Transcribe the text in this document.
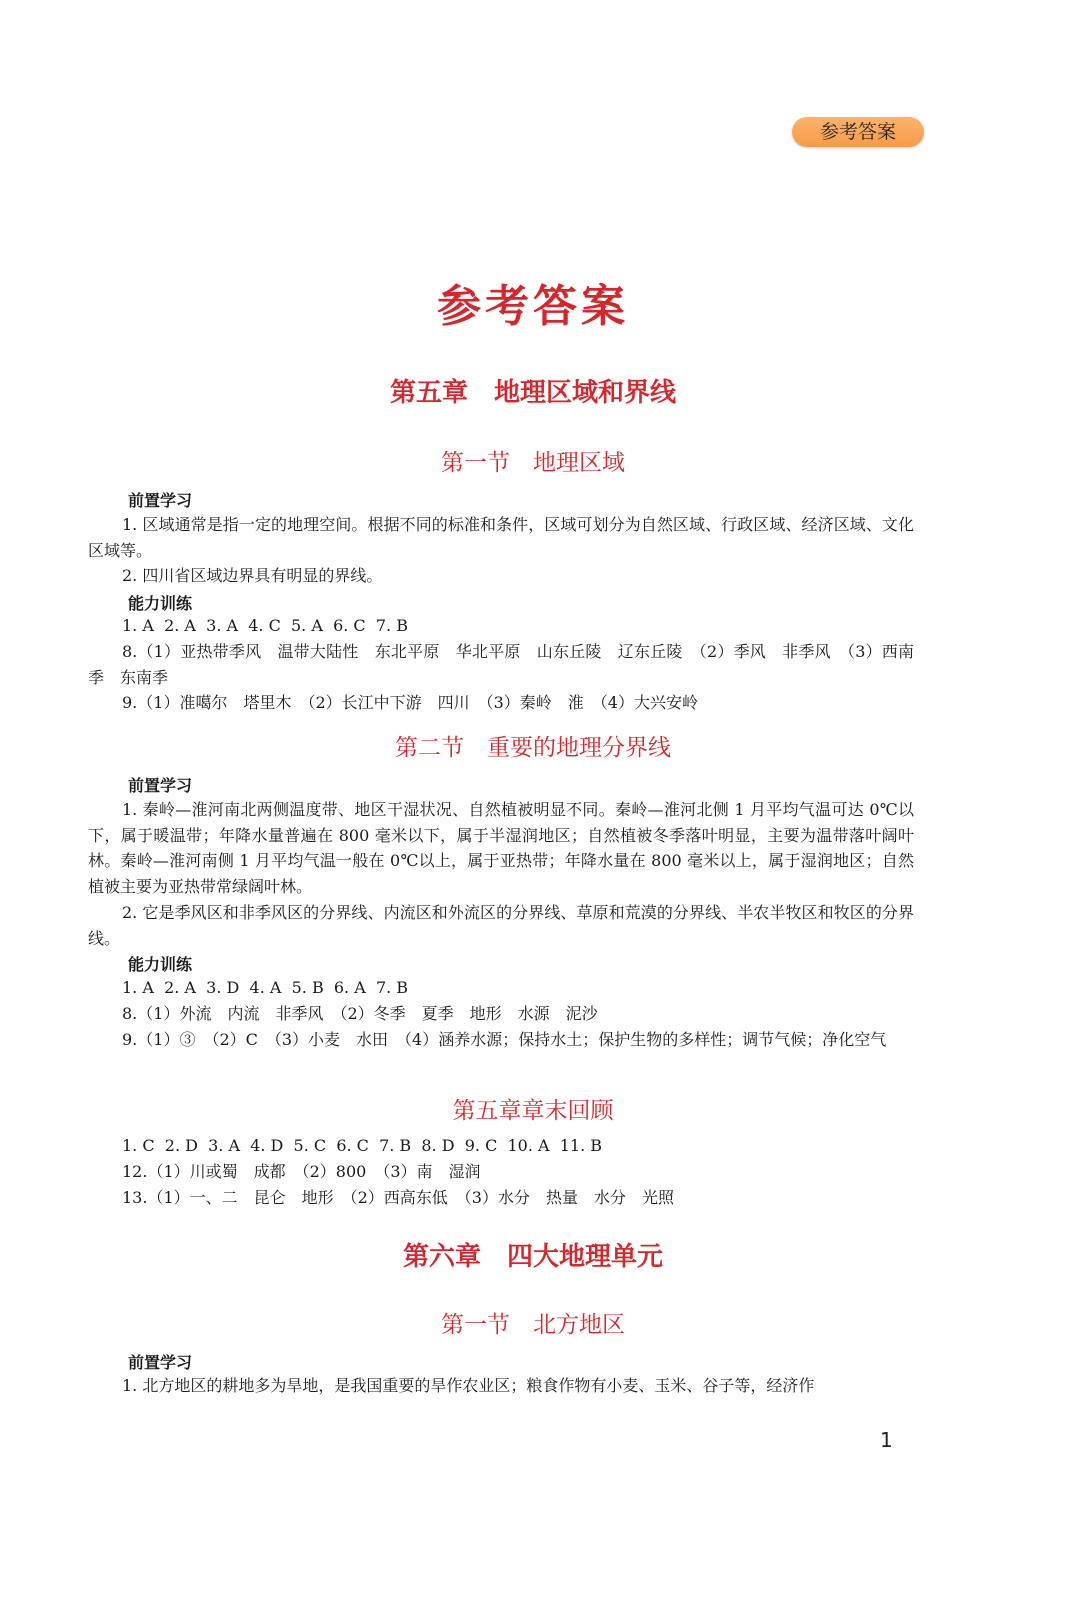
参考答案
参考答案
第五章　地理区域和界线
第一节　地理区域
前置学习
1. 区域通常是指一定的地理空间。根据不同的标准和条件，区域可划分为自然区域、行政区域、经济区域、文化区域等。
2. 四川省区域边界具有明显的界线。
能力训练
1. A  2. A  3. A  4. C  5. A  6. C  7. B
8.（1）亚热带季风　温带大陆性　东北平原　华北平原　山东丘陵　辽东丘陵　（2）季风　非季风　（3）西南季　东南季
9.（1）准噶尔　塔里木　（2）长江中下游　四川　（3）秦岭　淮　（4）大兴安岭
第二节　重要的地理分界线
前置学习
1. 秦岭—淮河南北两侧温度带、地区干湿状况、自然植被明显不同。秦岭—淮河北侧 1 月平均气温可达 0℃以下，属于暖温带；年降水量普遍在 800 毫米以下，属于半湿润地区；自然植被冬季落叶明显，主要为温带落叶阔叶林。秦岭—淮河南侧 1 月平均气温一般在 0℃以上，属于亚热带；年降水量在 800 毫米以上，属于湿润地区；自然植被主要为亚热带常绿阔叶林。
2. 它是季风区和非季风区的分界线、内流区和外流区的分界线、草原和荒漠的分界线、半农半牧区和牧区的分界线。
能力训练
1. A  2. A  3. D  4. A  5. B  6. A  7. B
8.（1）外流　内流　非季风　（2）冬季　夏季　地形　水源　泥沙
9.（1）③　（2）C　（3）小麦　水田　（4）涵养水源；保持水土；保护生物的多样性；调节气候；净化空气
第五章章末回顾
1. C  2. D  3. A  4. D  5. C  6. C  7. B  8. D  9. C  10. A  11. B
12.（1）川或蜀　成都　（2）800　（3）南　湿润
13.（1）一、二　昆仑　地形　（2）西高东低　（3）水分　热量　水分　光照
第六章　四大地理单元
第一节　北方地区
前置学习
1. 北方地区的耕地多为旱地，是我国重要的旱作农业区；粮食作物有小麦、玉米、谷子等，经济作
1
